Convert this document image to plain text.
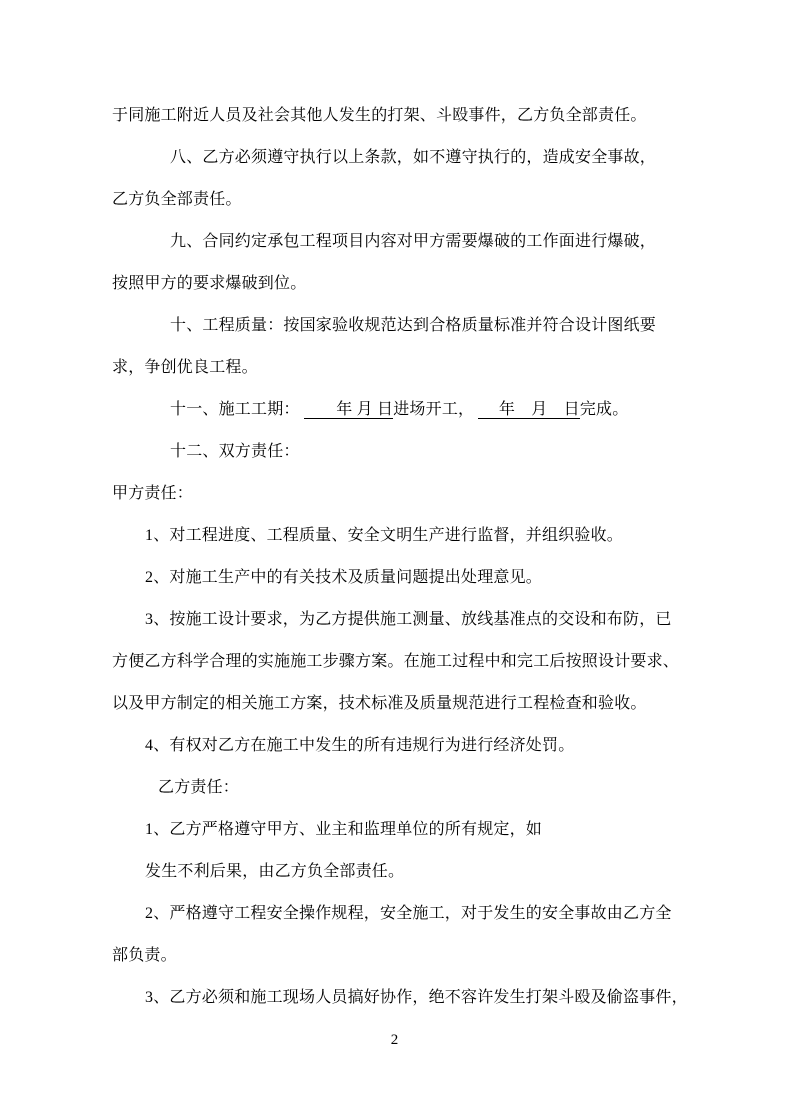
于同施工附近人员及社会其他人发生的打架、斗殴事件，乙方负全部责任。
八、乙方必须遵守执行以上条款，如不遵守执行的，造成安全事故，
乙方负全部责任。
九、合同约定承包工程项目内容对甲方需要爆破的工作面进行爆破，
按照甲方的要求爆破到位。
十、工程质量：按国家验收规范达到合格质量标准并符合设计图纸要
求，争创优良工程。
十一、施工工期： 　　年 月 日进场开工， 　 年　月　日完成。
十二、双方责任：
甲方责任：
1、对工程进度、工程质量、安全文明生产进行监督，并组织验收。
2、对施工生产中的有关技术及质量问题提出处理意见。
3、按施工设计要求，为乙方提供施工测量、放线基准点的交设和布防，已
方便乙方科学合理的实施施工步骤方案。在施工过程中和完工后按照设计要求、
以及甲方制定的相关施工方案，技术标准及质量规范进行工程检查和验收。
4、有权对乙方在施工中发生的所有违规行为进行经济处罚。
乙方责任：
1、乙方严格遵守甲方、业主和监理单位的所有规定，如
发生不利后果，由乙方负全部责任。
2、严格遵守工程安全操作规程，安全施工，对于发生的安全事故由乙方全
部负责。
3、乙方必须和施工现场人员搞好协作，绝不容许发生打架斗殴及偷盗事件，
2
